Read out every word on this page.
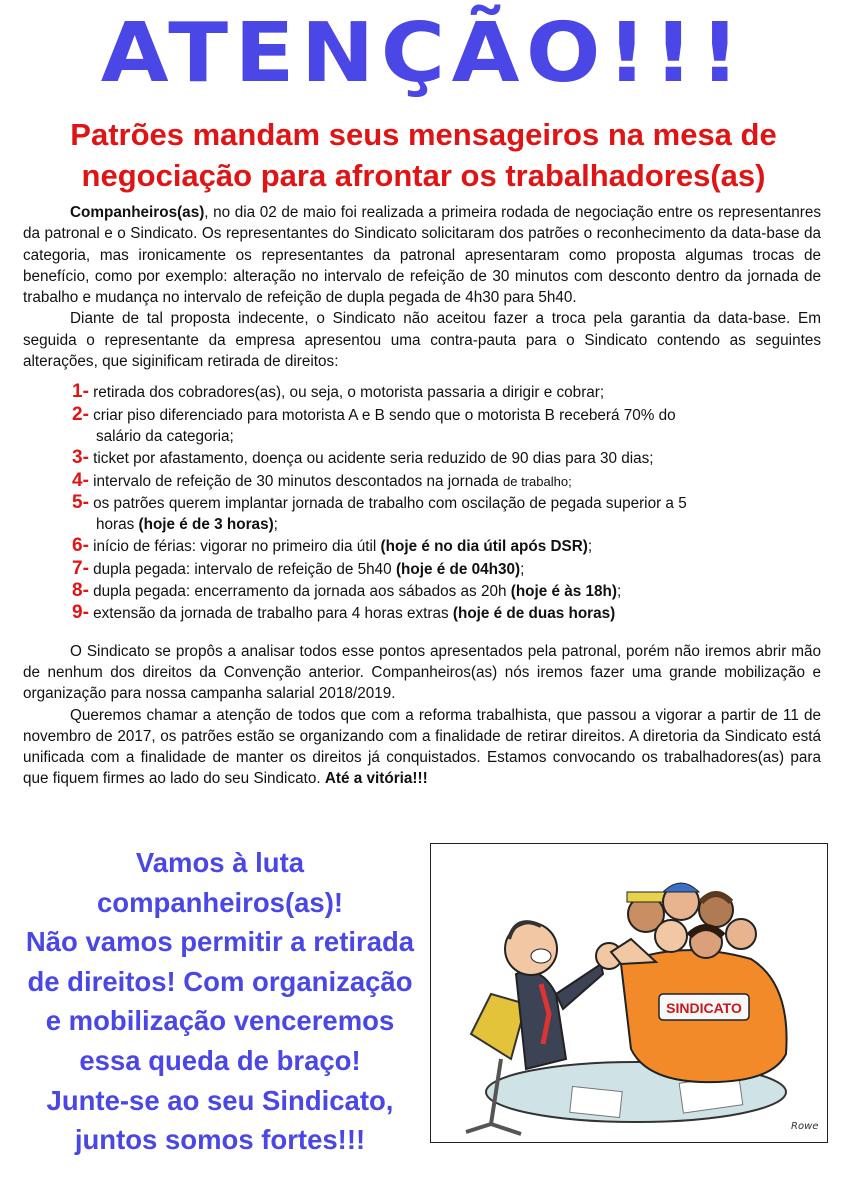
ATENÇÃO!!!
Patrões mandam seus mensageiros na mesa de negociação para afrontar os trabalhadores(as)

Companheiros(as), no dia 02 de maio foi realizada a primeira rodada de negociação entre os representanres da patronal e o Sindicato. Os representantes do Sindicato solicitaram dos patrões o reconhecimento da data-base da categoria, mas ironicamente os representantes da patronal apresentaram como proposta algumas trocas de benefício, como por exemplo: alteração no intervalo de refeição de 30 minutos com desconto dentro da jornada de trabalho e mudança no intervalo de refeição de dupla pegada de 4h30 para 5h40.

Diante de tal proposta indecente, o Sindicato não aceitou fazer a troca pela garantia da data-base. Em seguida o representante da empresa apresentou uma contra-pauta para o Sindicato contendo as seguintes alterações, que siginificam retirada de direitos:

1- retirada dos cobradores(as), ou seja, o motorista passaria a dirigir e cobrar;
2- criar piso diferenciado para motorista A e B sendo que o motorista B receberá 70% do
salário da categoria;
3- ticket por afastamento, doença ou acidente seria reduzido de 90 dias para 30 dias;
4- intervalo de refeição de 30 minutos descontados na jornada de trabalho;
5- os patrões querem implantar jornada de trabalho com oscilação de pegada superior a 5
horas (hoje é de 3 horas);
6- início de férias: vigorar no primeiro dia útil (hoje é no dia útil após DSR);
7- dupla pegada: intervalo de refeição de 5h40 (hoje é de 04h30);
8- dupla pegada: encerramento da jornada aos sábados as 20h (hoje é às 18h);
9- extensão da jornada de trabalho para 4 horas extras (hoje é de duas horas)

O Sindicato se propôs a analisar todos esse pontos apresentados pela patronal, porém não iremos abrir mão de nenhum dos direitos da Convenção anterior. Companheiros(as) nós iremos fazer uma grande mobilização e organização para nossa campanha salarial 2018/2019.

Queremos chamar a atenção de todos que com a reforma trabalhista, que passou a vigorar a partir de 11 de novembro de 2017, os patrões estão se organizando com a finalidade de retirar direitos. A diretoria da Sindicato está unificada com a finalidade de manter os direitos já conquistados. Estamos convocando os trabalhadores(as) para que fiquem firmes ao lado do seu Sindicato. Até a vitória!!!

Vamos à luta
companheiros(as)!
Não vamos permitir a retirada
de direitos! Com organização
e mobilização venceremos
essa queda de braço!
Junte-se ao seu Sindicato,
juntos somos fortes!!!
SINDICATO
Rowe
